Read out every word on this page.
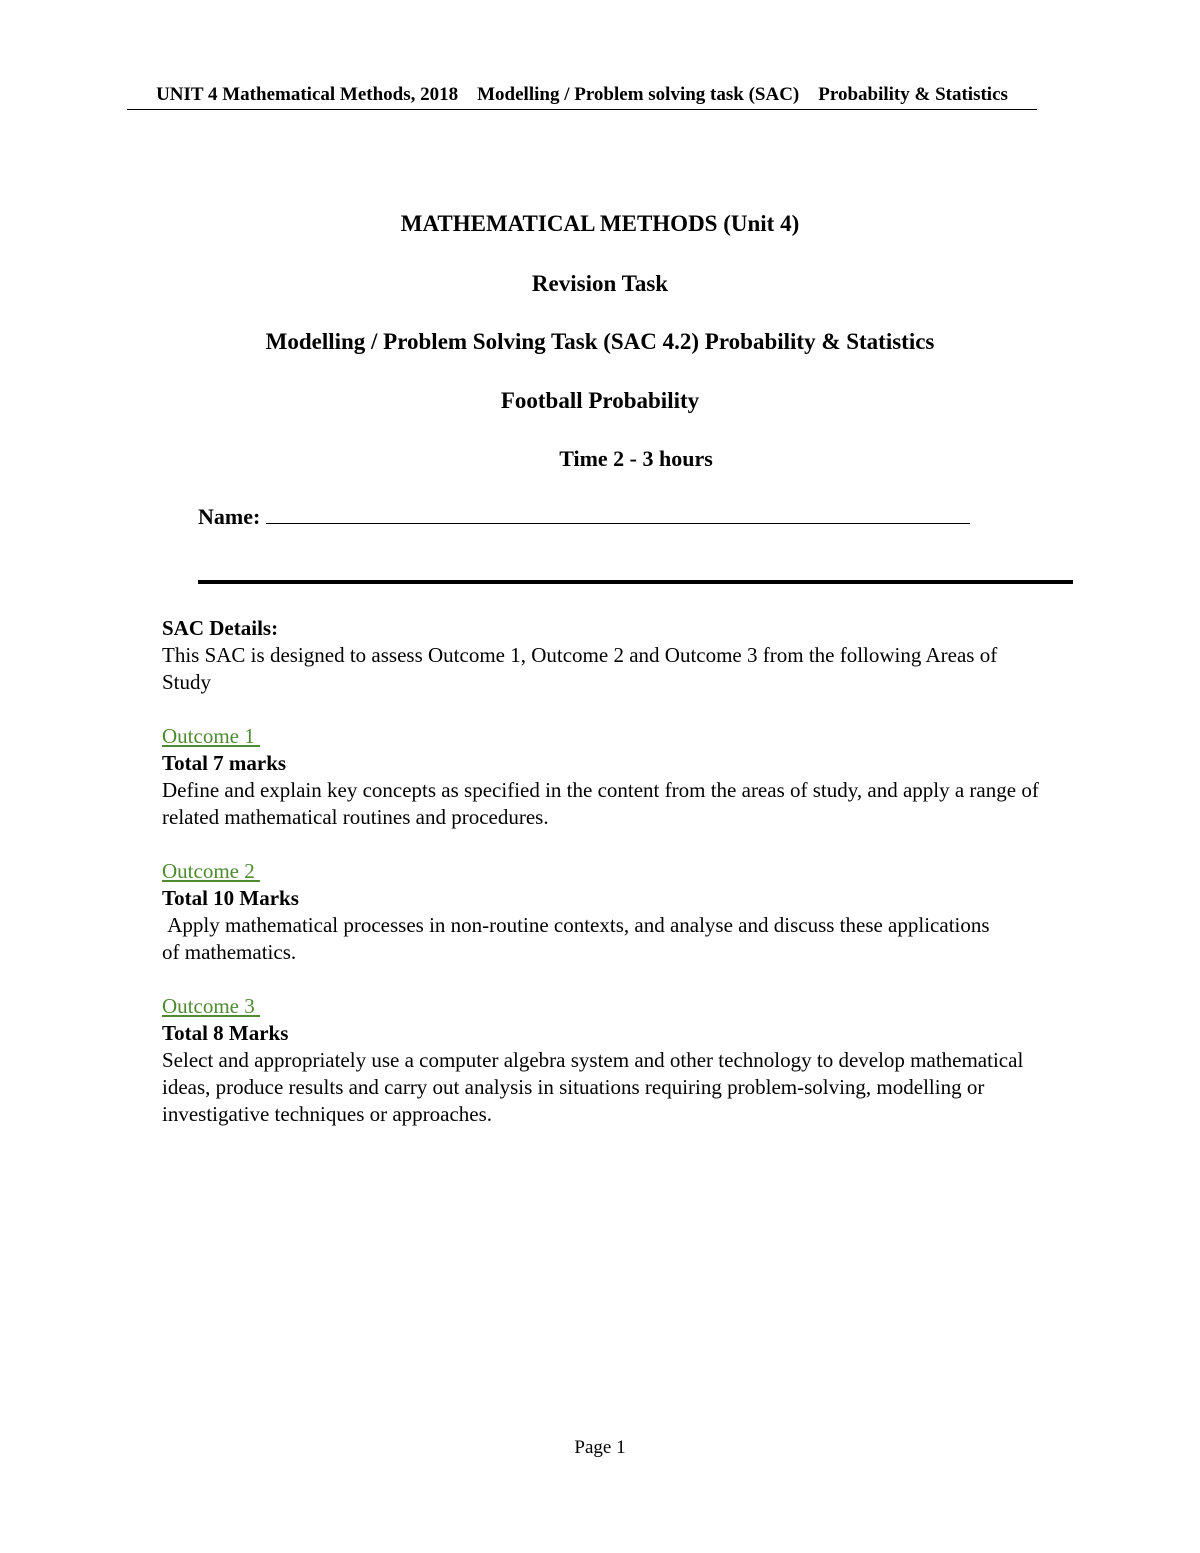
UNIT 4 Mathematical Methods, 2018    Modelling / Problem solving task (SAC)    Probability & Statistics
MATHEMATICAL METHODS (Unit 4)
Revision Task
Modelling / Problem Solving Task (SAC 4.2) Probability & Statistics
Football Probability
Time 2 - 3 hours
Name:
SAC Details:
This SAC is designed to assess Outcome 1, Outcome 2 and Outcome 3 from the following Areas of Study
Outcome 1
Total 7 marks
Define and explain key concepts as specified in the content from the areas of study, and apply a range of related mathematical routines and procedures.
Outcome 2
Total 10 Marks
Apply mathematical processes in non-routine contexts, and analyse and discuss these applications of mathematics.
Outcome 3
Total 8 Marks
Select and appropriately use a computer algebra system and other technology to develop mathematical ideas, produce results and carry out analysis in situations requiring problem-solving, modelling or investigative techniques or approaches.
Page 1
